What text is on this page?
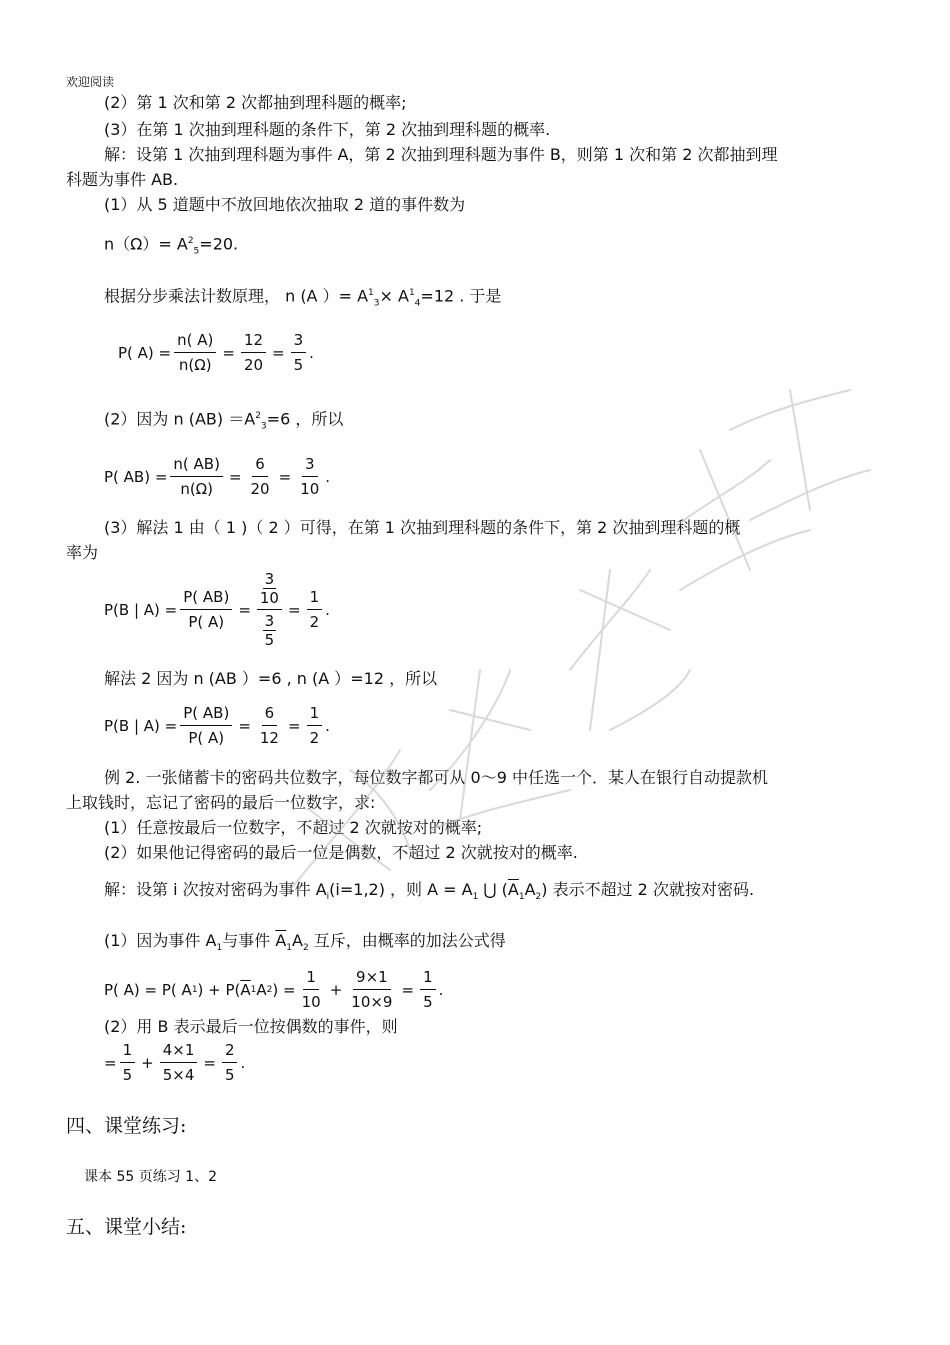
欢迎阅读
(2）第 1 次和第 2 次都抽到理科题的概率;
(3）在第 1 次抽到理科题的条件下，第 2 次抽到理科题的概率.
解：设第 1 次抽到理科题为事件 A，第 2 次抽到理科题为事件 B，则第 1 次和第 2 次都抽到理
科题为事件 AB.
(1）从 5 道题中不放回地依次抽取 2 道的事件数为
$n(\Omega)= A^2_5=20$.
根据分步乘法计数原理， n (A ）= $A^1_3\times A^1_4=12$ . 于是
P( $A) = \frac{n( A)}{n(\Omega)} = \frac{12}{20} = \frac{3}{5}$ .
(2）因为 n $(AB) =A^2_3=6$ ，所以
P( $AB) = \frac{n( AB)}{n(\Omega)} = \frac{6}{20} = \frac{3}{10}$ .
(3）解法 1 由（ 1 )（ 2 ）可得，在第 1 次抽到理科题的条件下，第 2 次抽到理科题的概
率为
P(B | $A) = \frac{P( AB)}{P( A)} = 3$
10
3
$5 = \frac{1}{2}$ .
解法 2 因为 n (AB ）=6 , n (A ）=12 ，所以
P(B | $A) = \frac{P( AB)}{P( A)} = \frac{6}{12} = \frac{1}{2}$ .
例 2. 一张储蓄卡的密码共位数字，每位数字都可从 0～9 中任选一个．某人在银行自动提款机
上取钱时，忘记了密码的最后一位数字，求:
(1）任意按最后一位数字，不超过 2 次就按对的概率;
(2）如果他记得密码的最后一位是偶数，不超过 2 次就按对的概率.
解：设第 i 次按对密码为事件 $A_i(i=1,2)$ ，则 $A = A_1$ ⋃ $(\overline{A}_1A_2)$ 表示不超过 2 次就按对密码.
(1）因为事件 $A_1$与事件 $\overline{A}_1A_2$ 互斥，由概率的加法公式得
P( A) = P( A 1 ) + P( $\overline{A}$ 1 A 2 ) = $\frac{1}{10} + \frac{9\times 1}{10\times 9} = \frac{1}{5}$ .
(2）用 B 表示最后一位按偶数的事件，则
= $\frac{1}{5} + \frac{4\times 1}{5\times 4} = \frac{2}{5}$ .
四、课堂练习:
课本 55 页练习 1、2
五、课堂小结:
